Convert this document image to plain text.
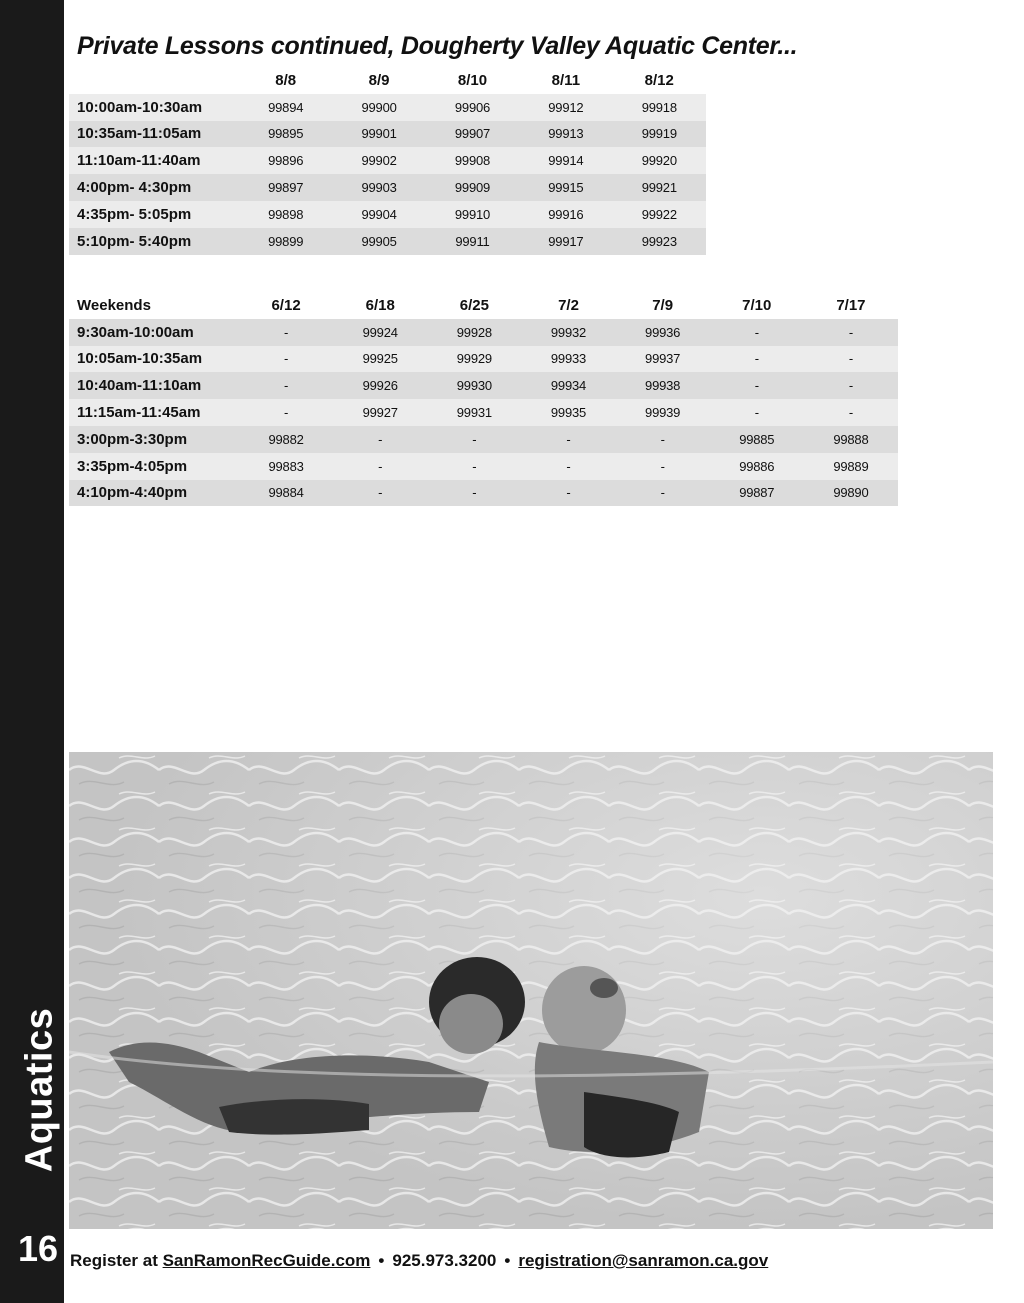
Aquatics
16
Private Lessons continued, Dougherty Valley Aquatic Center...
	8/8	8/9	8/10	8/11	8/12
10:00am-10:30am	99894	99900	99906	99912	99918
10:35am-11:05am	99895	99901	99907	99913	99919
11:10am-11:40am	99896	99902	99908	99914	99920
4:00pm- 4:30pm	99897	99903	99909	99915	99921
4:35pm- 5:05pm	99898	99904	99910	99916	99922
5:10pm- 5:40pm	99899	99905	99911	99917	99923
Weekends	6/12	6/18	6/25	7/2	7/9	7/10	7/17
9:30am-10:00am	-	99924	99928	99932	99936	-	-
10:05am-10:35am	-	99925	99929	99933	99937	-	-
10:40am-11:10am	-	99926	99930	99934	99938	-	-
11:15am-11:45am	-	99927	99931	99935	99939	-	-
3:00pm-3:30pm	99882	-	-	-	-	99885	99888
3:35pm-4:05pm	99883	-	-	-	-	99886	99889
4:10pm-4:40pm	99884	-	-	-	-	99887	99890
Register at SanRamonRecGuide.com • 925.973.3200 • registration@sanramon.ca.gov
